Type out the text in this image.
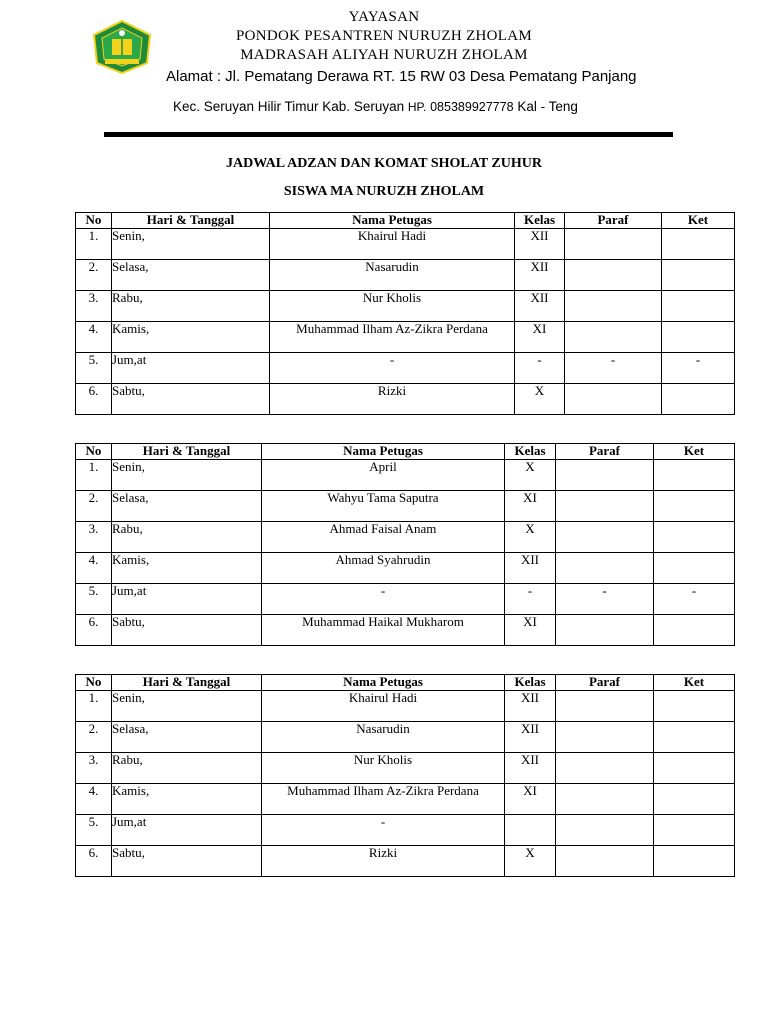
YAYASAN
PONDOK PESANTREN NURUZH ZHOLAM
MADRASAH ALIYAH NURUZH ZHOLAM
Alamat : Jl. Pematang Derawa RT. 15 RW 03 Desa Pematang Panjang
Kec. Seruyan Hilir Timur Kab. Seruyan HP. 085389927778 Kal - Teng
JADWAL ADZAN DAN KOMAT SHOLAT ZUHUR
SISWA MA NURUZH ZHOLAM
No	Hari & Tanggal	Nama Petugas	Kelas	Paraf	Ket
1.	Senin,	Khairul Hadi	XII		
2.	Selasa,	Nasarudin	XII		
3.	Rabu,	Nur Kholis	XII		
4.	Kamis,	Muhammad Ilham Az-Zikra Perdana	XI		
5.	Jum,at	-	-	-	-
6.	Sabtu,	Rizki	X		
No	Hari & Tanggal	Nama Petugas	Kelas	Paraf	Ket
1.	Senin,	April	X		
2.	Selasa,	Wahyu Tama Saputra	XI		
3.	Rabu,	Ahmad Faisal Anam	X		
4.	Kamis,	Ahmad Syahrudin	XII		
5.	Jum,at	-	-	-	-
6.	Sabtu,	Muhammad Haikal Mukharom	XI		
No	Hari & Tanggal	Nama Petugas	Kelas	Paraf	Ket
1.	Senin,	Khairul Hadi	XII		
2.	Selasa,	Nasarudin	XII		
3.	Rabu,	Nur Kholis	XII		
4.	Kamis,	Muhammad Ilham Az-Zikra Perdana	XI		
5.	Jum,at	-			
6.	Sabtu,	Rizki	X		
